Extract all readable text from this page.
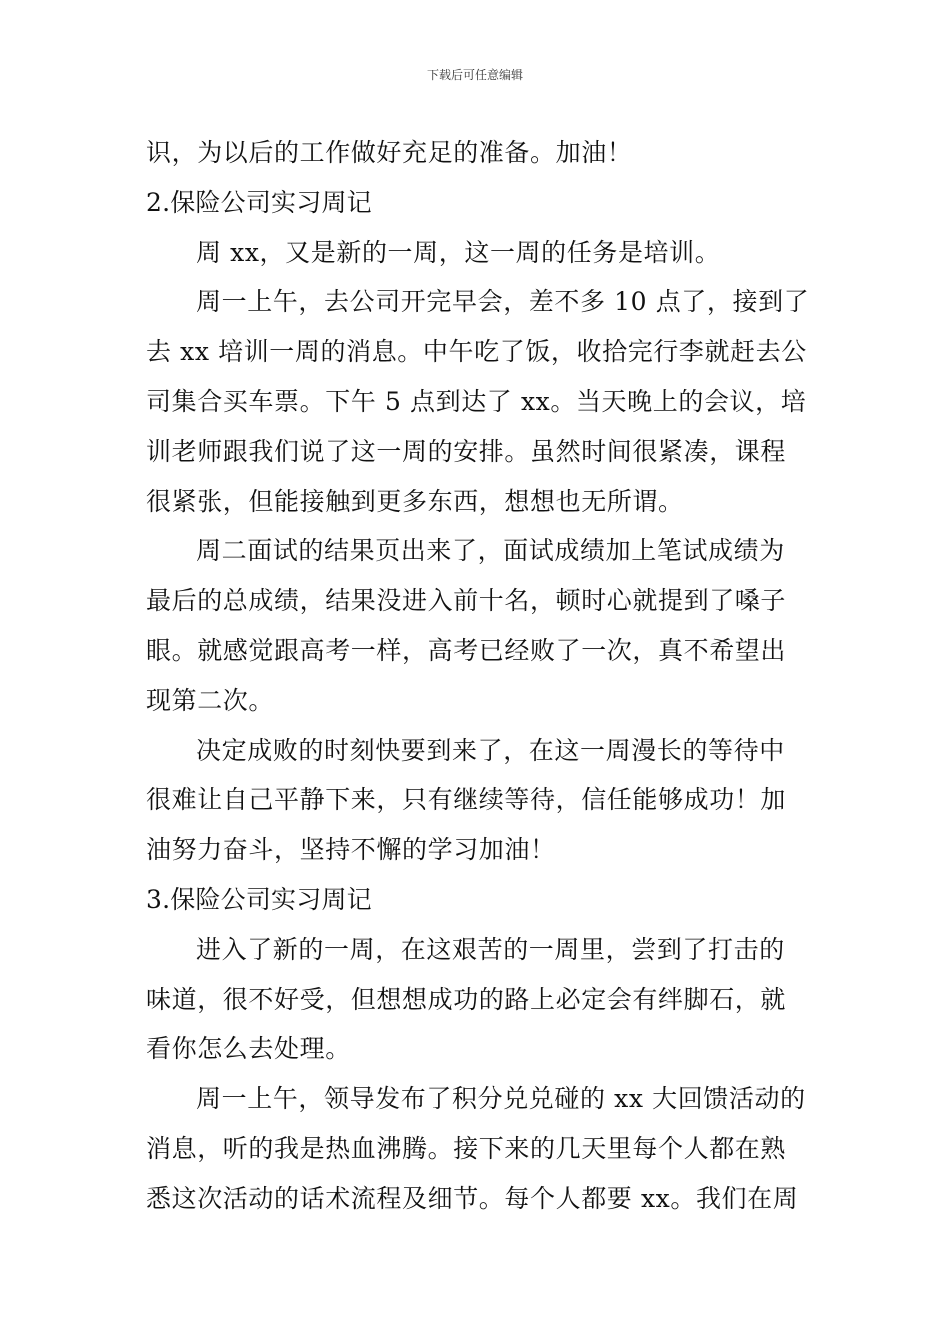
下载后可任意编辑
识，为以后的工作做好充足的准备。加油！
2.保险公司实习周记
周 xx，又是新的一周，这一周的任务是培训。
周一上午，去公司开完早会，差不多 10 点了，接到了
去 xx 培训一周的消息。中午吃了饭，收拾完行李就赶去公
司集合买车票。下午 5 点到达了 xx。当天晚上的会议，培
训老师跟我们说了这一周的安排。虽然时间很紧凑，课程
很紧张，但能接触到更多东西，想想也无所谓。
周二面试的结果页出来了，面试成绩加上笔试成绩为
最后的总成绩，结果没进入前十名，顿时心就提到了嗓子
眼。就感觉跟高考一样，高考已经败了一次，真不希望出
现第二次。
决定成败的时刻快要到来了，在这一周漫长的等待中
很难让自己平静下来，只有继续等待，信任能够成功！加
油努力奋斗，坚持不懈的学习加油！
3.保险公司实习周记
进入了新的一周，在这艰苦的一周里，尝到了打击的
味道，很不好受，但想想成功的路上必定会有绊脚石，就
看你怎么去处理。
周一上午，领导发布了积分兑兑碰的 xx 大回馈活动的
消息，听的我是热血沸腾。接下来的几天里每个人都在熟
悉这次活动的话术流程及细节。每个人都要 xx。我们在周
